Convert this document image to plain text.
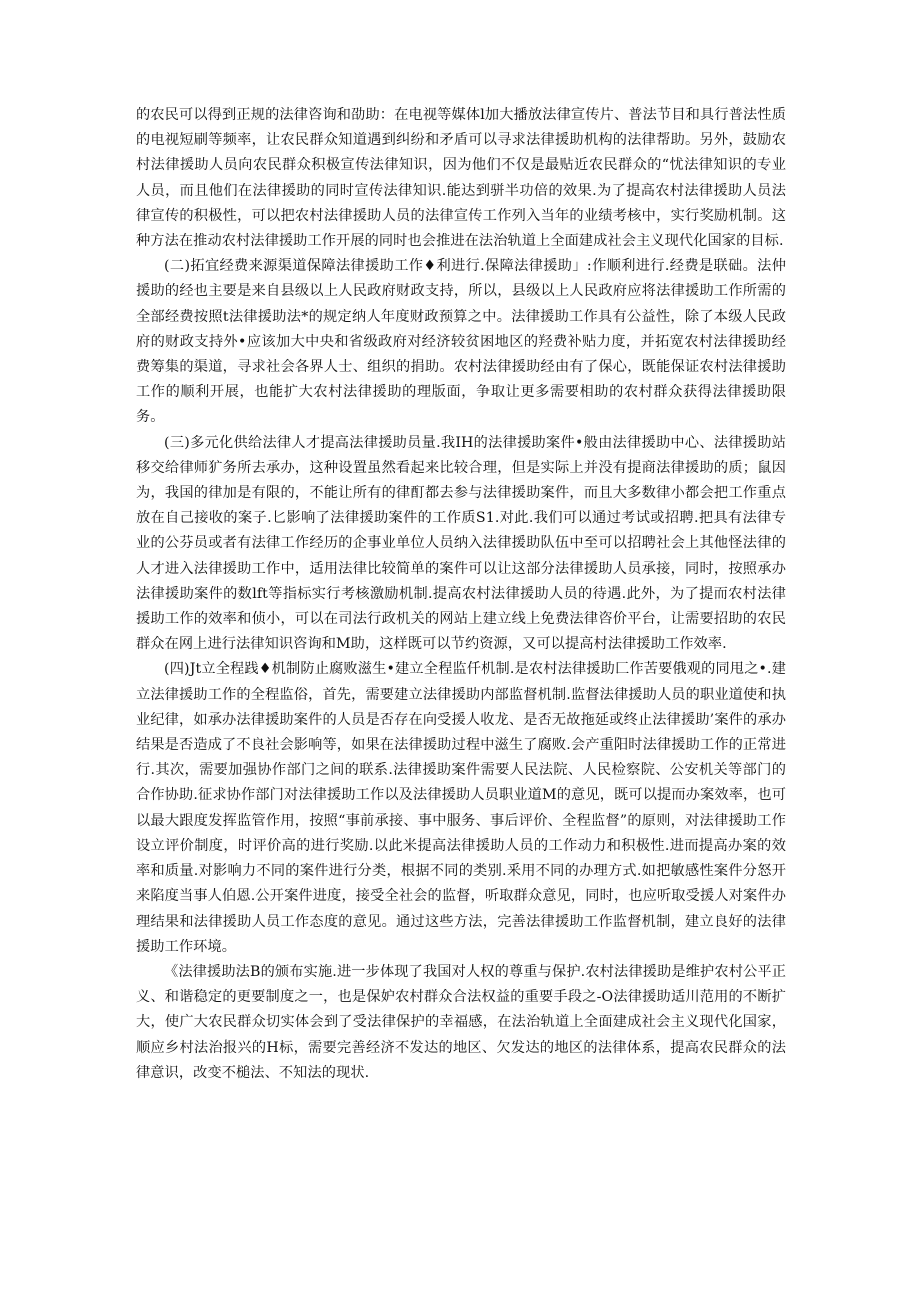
的农民可以得到正规的法律咨询和劭助：在电视等媒体l加大播放法律宣传片、普法节目和具行普法性质的电视短刷等频率，让农民群众知道遇到纠纷和矛盾可以寻求法律援助机构的法律帮助。另外，鼓励农村法律援助人员向农民群众积极宣传法律知识，因为他们不仅是最贴近农民群众的“忧法律知识的专业人员，而且他们在法律援助的同时宣传法律知识.能达到骈半功倍的效果.为了提高农村法律援助人员法律宣传的积极性，可以把农村法律援助人员的法律宣传工作列入当年的业绩考核中，实行奖励机制。这种方法在推动农村法律援助工作开展的同时也会推进在法治轨道上全面建成社会主义现代化国家的目标.

(二)拓宜经费来源渠道保障法律援助工作♦利进行.保障法律援助」:作顺利进行.经费是联础。法仲援助的经也主要是来自县级以上人民政府财政支持，所以，县级以上人民政府应将法律援助工作所需的全部经费按照t法律援助法*的规定纳人年度财政预算之中。法律援助工作具有公益性，除了本级人民政府的财政支持外•应该加大中央和省级政府对经济较贫困地区的羟费补贴力度，并拓宽农村法律援助经费筹集的渠道，寻求社会各界人士、组织的捐助。农村法律援助经由有了保心，既能保证农村法律援助工作的顺利开展，也能扩大农村法律援助的理版面，争取让更多需要相助的农村群众获得法律援助限务。

(三)多元化供给法律人才提高法律援助员量.我IH的法律援助案件•般由法律援助中心、法律援助站移交给律师犷务所去承办，这种设置虽然看起来比较合理，但是实际上并没有提商法律援助的质；鼠因为，我国的律加是有限的，不能让所有的律酊都去参与法律援助案件，而且大多数律小都会把工作重点放在自己接收的案子.匕影响了法律援助案件的工作质S1.对此.我们可以通过考试或招聘.把具有法律专业的公芬员或者有法律工作经历的企事业单位人员纳入法律援助队伍中至可以招聘社会上其他怪法律的人才进入法律援助工作中，适用法律比较简单的案件可以让这部分法律援助人员承接，同时，按照承办法律援助案件的数lft等指标实行考核激励机制.提高农村法律援助人员的待遇.此外，为了提而农村法律援助工作的效率和侦小，可以在司法行政机关的网站上建立线上免费法律咨价平台，让需要招助的农民群众在网上进行法律知识咨询和M助，这样既可以节约资源，又可以提高村法律援助工作效率.

(四)Jt立全程践♦机制防止腐败滋生•建立全程监仟机制.是农村法律援助匚作苦要俄观的同甩之•.建立法律援助工作的全程监俗，首先，需要建立法律援助内部监督机制.监督法律援助人员的职业道使和执业纪律，如承办法律援助案件的人员是否存在向受援人收龙、是否无故拖延或终止法律援助’案件的承办结果是否造成了不良社会影响等，如果在法律援助过程中滋生了腐败.会产重阳时法律援助工作的正常进行.其次，需要加强协作部门之间的联系.法律援助案件需要人民法院、人民检察院、公安机关等部门的合作协助.征求协作部门对法律援助工作以及法律援助人员职业道M的意见，既可以提而办案效率，也可以最大跟度发挥监管作用，按照“事前承接、事中服务、事后评价、全程监督”的原则，对法律援助工作设立评价制度，时评价高的进行奖励.以此米提高法律援助人员的工作动力和积极性.进而提高办案的效率和质量.对影响力不同的案件进行分类，根据不同的类别.釆用不同的办理方式.如把敏感性案件分怒开来陷度当事人伯恩.公开案件进度，接受全社会的监督，听取群众意见，同时，也应听取受援人对案件办理结果和法律援助人员工作态度的意见。通过这些方法，完善法律援助工作监督机制，建立良好的法律援助工作环境。

《法律援助法B的颁布实施.进一步体现了我国对人权的尊重与保护.农村法律援助是维护农村公平正义、和谐稳定的更要制度之一，也是保妒农村群众合法权益的重要手段之-O法律援助适川范用的不断扩大，使广大农民群众切实体会到了受法律保护的幸福感，在法治轨道上全面建成社会主义现代化国家，顺应乡村法治报兴的H标，需要完善经济不发达的地区、欠发达的地区的法律体系，提高农民群众的法律意识，改变不槌法、不知法的现状.
